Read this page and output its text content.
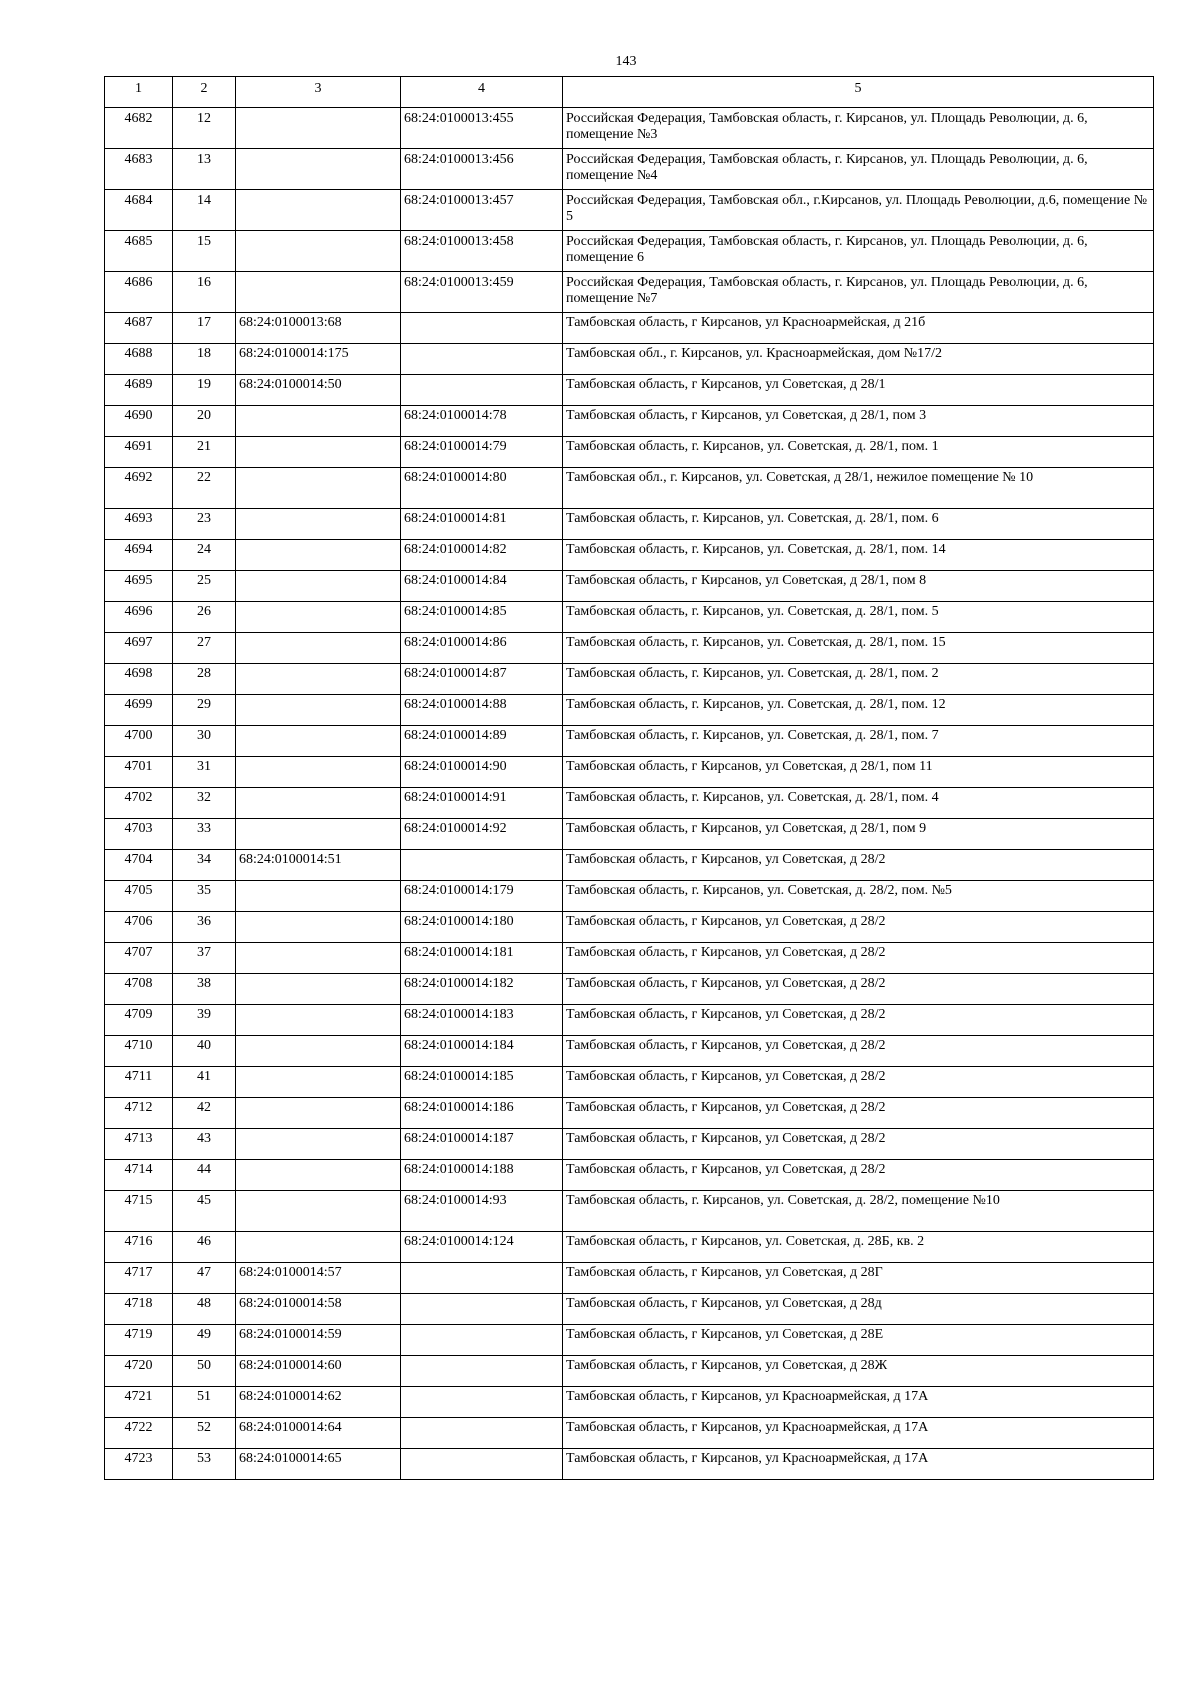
143
1	2	3	4	5
4682	12		68:24:0100013:455	Российская Федерация, Тамбовская область, г. Кирсанов, ул. Площадь Революции, д. 6, помещение №3
4683	13		68:24:0100013:456	Российская Федерация, Тамбовская область, г. Кирсанов, ул. Площадь Революции, д. 6, помещение №4
4684	14		68:24:0100013:457	Российская Федерация, Тамбовская обл., г.Кирсанов, ул. Площадь Революции, д.6, помещение № 5
4685	15		68:24:0100013:458	Российская Федерация, Тамбовская область, г. Кирсанов, ул. Площадь Революции, д. 6, помещение 6
4686	16		68:24:0100013:459	Российская Федерация, Тамбовская область, г. Кирсанов, ул. Площадь Революции, д. 6, помещение №7
4687	17	68:24:0100013:68		Тамбовская область, г Кирсанов, ул Красноармейская, д 21б
4688	18	68:24:0100014:175		Тамбовская обл., г. Кирсанов, ул. Красноармейская, дом №17/2
4689	19	68:24:0100014:50		Тамбовская область, г Кирсанов, ул Советская, д 28/1
4690	20		68:24:0100014:78	Тамбовская область, г Кирсанов, ул Советская, д 28/1, пом 3
4691	21		68:24:0100014:79	Тамбовская область, г. Кирсанов, ул. Советская, д. 28/1, пом. 1
4692	22		68:24:0100014:80	Тамбовская обл., г. Кирсанов, ул. Советская, д 28/1, нежилое помещение № 10
4693	23		68:24:0100014:81	Тамбовская область, г. Кирсанов, ул. Советская, д. 28/1, пом. 6
4694	24		68:24:0100014:82	Тамбовская область, г. Кирсанов, ул. Советская, д. 28/1, пом. 14
4695	25		68:24:0100014:84	Тамбовская область, г Кирсанов, ул Советская, д 28/1, пом 8
4696	26		68:24:0100014:85	Тамбовская область, г. Кирсанов, ул. Советская, д. 28/1, пом. 5
4697	27		68:24:0100014:86	Тамбовская область, г. Кирсанов, ул. Советская, д. 28/1, пом. 15
4698	28		68:24:0100014:87	Тамбовская область, г. Кирсанов, ул. Советская, д. 28/1, пом. 2
4699	29		68:24:0100014:88	Тамбовская область, г. Кирсанов, ул. Советская, д. 28/1, пом. 12
4700	30		68:24:0100014:89	Тамбовская область, г. Кирсанов, ул. Советская, д. 28/1, пом. 7
4701	31		68:24:0100014:90	Тамбовская область, г Кирсанов, ул Советская, д 28/1, пом 11
4702	32		68:24:0100014:91	Тамбовская область, г. Кирсанов, ул. Советская, д. 28/1, пом. 4
4703	33		68:24:0100014:92	Тамбовская область, г Кирсанов, ул Советская, д 28/1, пом 9
4704	34	68:24:0100014:51		Тамбовская область, г Кирсанов, ул Советская, д 28/2
4705	35		68:24:0100014:179	Тамбовская область, г. Кирсанов, ул. Советская, д. 28/2, пом. №5
4706	36		68:24:0100014:180	Тамбовская область, г Кирсанов, ул Советская, д 28/2
4707	37		68:24:0100014:181	Тамбовская область, г Кирсанов, ул Советская, д 28/2
4708	38		68:24:0100014:182	Тамбовская область, г Кирсанов, ул Советская, д 28/2
4709	39		68:24:0100014:183	Тамбовская область, г Кирсанов, ул Советская, д 28/2
4710	40		68:24:0100014:184	Тамбовская область, г Кирсанов, ул Советская, д 28/2
4711	41		68:24:0100014:185	Тамбовская область, г Кирсанов, ул Советская, д 28/2
4712	42		68:24:0100014:186	Тамбовская область, г Кирсанов, ул Советская, д 28/2
4713	43		68:24:0100014:187	Тамбовская область, г Кирсанов, ул Советская, д 28/2
4714	44		68:24:0100014:188	Тамбовская область, г Кирсанов, ул Советская, д 28/2
4715	45		68:24:0100014:93	Тамбовская область, г. Кирсанов, ул. Советская, д. 28/2, помещение №10
4716	46		68:24:0100014:124	Тамбовская область, г Кирсанов, ул. Советская, д. 28Б, кв. 2
4717	47	68:24:0100014:57		Тамбовская область, г Кирсанов, ул Советская, д 28Г
4718	48	68:24:0100014:58		Тамбовская область, г Кирсанов, ул Советская, д 28д
4719	49	68:24:0100014:59		Тамбовская область, г Кирсанов, ул Советская, д 28Е
4720	50	68:24:0100014:60		Тамбовская область, г Кирсанов, ул Советская, д 28Ж
4721	51	68:24:0100014:62		Тамбовская область, г Кирсанов, ул Красноармейская, д 17А
4722	52	68:24:0100014:64		Тамбовская область, г Кирсанов, ул Красноармейская, д 17А
4723	53	68:24:0100014:65		Тамбовская область, г Кирсанов, ул Красноармейская, д 17А
